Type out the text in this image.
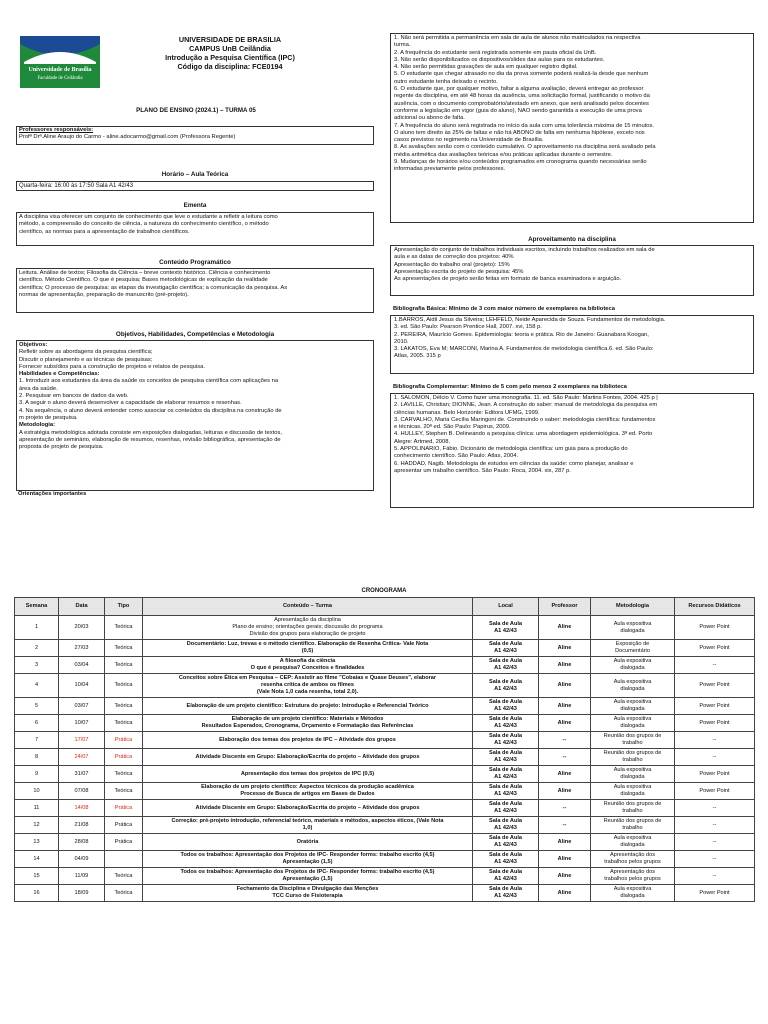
Universidade de Brasília
Faculdade de Ceilândia
UNIVERSIDADE DE BRASILIA
CAMPUS UnB Ceilândia
Introdução a Pesquisa Científica (IPC)
Código da disciplina: FCE0194
PLANO DE ENSINO (2024.1) – TURMA 05
Professores responsáveis:
Profª Drª.Aline Araujo do Carmo - aline.adocarmo@gmail.com (Professora Regente)
Horário – Aula Teórica
Quarta-feira: 16:00 às 17:50 Sala A1 42/43
Ementa
A disciplina visa oferecer um conjunto de conhecimento que leve o estudante a refletir a leitura como
método, a compreensão do conceito de ciência, a natureza do conhecimento científico, o método
científico, as normas para a apresentação de trabalhos científicos.
Conteúdo Programático
Leitura. Análise de textos; Filosofia da Ciência – breve contexto histórico. Ciência e conhecimento
científico. Método Científico. O que é pesquisa; Bases metodológicas de explicação da realidade
científica; O processo de pesquisa: as etapas da investigação científica; a comunicação da pesquisa. As
normas de apresentação, preparação de manuscrito (pré-projeto).
Objetivos, Habilidades, Competências e Metodologia
Objetivos:
Refletir sobre as abordagens da pesquisa científica;
Discutir o planejamento e as técnicas de pesquisas;
Fornecer subsídios para a construção de projetos e relatos de pesquisa.
Habilidades e Competências:
1. Introduzir aos estudantes da área da saúde os conceitos de pesquisa científica com aplicações na
área da saúde.
2. Pesquisar em bancos de dados da web.
3. A seguir o aluno deverá desenvolver a capacidade de elaborar resumos e resenhas.
4. Na sequência, o aluno deverá entender como associar os conteúdos da disciplina na construção de
m projeto de pesquisa.
Metodologia:
A estratégia metodológica adotada consiste em exposições dialogadas, leituras e discussão de textos,
apresentação de seminário, elaboração de resumos, resenhas, revisão bibliográfica, apresentação de
proposta de projeto de pesquisa.
Orientações importantes
1. Não será permitida a permanência em sala de aula de alunos não matriculados na respectiva
turma.
2. A frequência do estudante será registrada somente em pauta oficial da UnB.
3. Não serão disponibilizados os dispositivos/slides das aulas para os estudantes.
4. Não serão permitidas gravações de aula em qualquer registro digital.
5. O estudante que chegar atrasado no dia da prova somente poderá realizá-la desde que nenhum
outro estudante tenha deixado o recinto.
6. O estudante que, por qualquer motivo, faltar a alguma avaliação, deverá entregar ao professor
regente da disciplina, em até 48 horas da ausência, uma solicitação formal, justificando o motivo da
ausência, com o documento comprobatório/atestado em anexo, que será analisado pelos docentes
conforme a legislação em vigor (guia do aluno), NÃO sendo garantida a execução de uma prova
adicional ou abono de falta.
7. A frequência do aluno será registrada no início da aula com uma tolerância máxima de 15 minutos.
O aluno tem direito às 25% de faltas e não há ABONO de falta em nenhuma hipótese, exceto nos
casos previstos no regimento na Universidade de Brasília.
8. As avaliações serão com o conteúdo cumulativo. O aproveitamento na disciplina será avaliado pela
média aritmética das avaliações teóricas e/ou práticas aplicadas durante o semestre.
9. Mudanças de horários e/ou conteúdos programados em cronograma quando necessárias serão
informadas previamente pelos professores.
Aproveitamento na disciplina
Apresentação do conjunto de trabalhos individuais escritos, incluindo trabalhos realizados em sala de
aula e as datas de correção dos projetos: 40%
Apresentação do trabalho oral (projeto): 15%
Apresentação escrita do projeto de pesquisa: 45%
As apresentações de projeto serão feitas em formato de banca examinadora e arguição.
Bibliografia Básica: Mínimo de 3 com maior número de exemplares na biblioteca
1.BARROS, Aidil Jesus da Silveira; LEHFELD, Neide Aparecida de Souza. Fundamentos de metodologia.
3. ed. São Paulo: Pearson Prentice Hall, 2007. xvi, 158 p.
2. PEREIRA, Maurício Gomes. Epidemiologia: teoria e prática. Rio de Janeiro: Guanabara Koogan,
2010.
3. LAKATOS, Eva M; MARCONI, Marina A. Fundamentos de metodologia científica.6. ed. São Paulo:
Atlas, 2005. 315 p
Bibliografia Complementar: Mínimo de 5 com pelo menos 2 exemplares na biblioteca
1. SALOMON, Délcio V. Como fazer uma monografia. 11. ed. São Paulo: Martins Fontes, 2004. 425 p |
2. LAVILLE, Christian; DIONNE, Jean. A construção do saber: manual de metodologia da pesquisa em
ciências humanas. Belo Horizonte: Editora UFMG, 1999.
3. CARVALHO, Maria Cecília Maringoni de. Construindo o saber: metodologia científica: fundamentos
e técnicas. 20ª ed. São Paulo: Papirus, 2009.
4. HULLEY, Stephen B. Delineando a pesquisa clínica: uma abordagem epidemiológica. 3ª ed. Porto
Alegre: Artmed, 2008.
5. APPOLINÁRIO, Fábio. Dicionário de metodologia científica: um guia para a produção do
conhecimento científico. São Paulo: Atlas, 2004.
6. HADDAD, Nagib. Metodologia de estudos em ciências da saúde: como planejar, analisar e
apresentar um trabalho científico. São Paulo: Roca, 2004. xix, 287 p.
CRONOGRAMA
Semana	Data	Tipo	Conteúdo – Turma	Local	Professor	Metodologia	Recursos Didáticos
1	20/03	Teórica	Apresentação da disciplina
Plano de ensino; orientações gerais; discussão do programa
Divisão dos grupos para elaboração de projeto	Sala de Aula
A1 42/43	Aline	Aula expositiva
dialogada	Power Point
2	27/03	Teórica	Documentário: Luz, trevas e o método científico. Elaboração de Resenha Crítica- Vale Nota
(0,5)	Sala de Aula
A1 42/43	Aline	Exposição de
Documentário	Power Point
3	03/04	Teórica	A filosofia da ciência
O que é pesquisa? Conceitos e finalidades	Sala de Aula
A1 42/43	Aline	Aula expositiva
dialogada	--
4	10/04	Teórica	Conceitos sobre Ética em Pesquisa – CEP: Assistir ao filme "Cobaias e Quase Deuses", elaborar
resenha crítica de ambos os filmes
(Vale Nota 1,0 cada resenha, total 2,0).	Sala de Aula
A1 42/43	Aline	Aula expositiva
dialogada	Power Point
5	03/07	Teórica	Elaboração de um projeto científico: Estrutura do projeto: Introdução e Referencial Teórico	Sala de Aula
A1 42/43	Aline	Aula expositiva
dialogada	Power Point
6	10/07	Teórica	Elaboração de um projeto científico: Materiais e Métodos
Resultados Esperados, Cronograma, Orçamento e Formatação das Referências	Sala de Aula
A1 42/43	Aline	Aula expositiva
dialogada	Power Point
7	17/07	Prática	Elaboração dos temas dos projetos de IPC – Atividade dos grupos	Sala de Aula
A1 42/43	--	Reunião dos grupos de
trabalho	--
8	24/07	Prática	Atividade Discente em Grupo: Elaboração/Escrita do projeto – Atividade dos grupos	Sala de Aula
A1 42/43	--	Reunião dos grupos de
trabalho	--
9	31/07	Teórica	Apresentação dos temas dos projetos de IPC (0,5)	Sala de Aula
A1 42/43	Aline	Aula expositiva
dialogada	Power Point
10	07/08	Teórica	Elaboração de um projeto científico: Aspectos técnicos da produção acadêmica
Processo de Busca de artigos em Bases de Dados	Sala de Aula
A1 42/43	Aline	Aula expositiva
dialogada	Power Point
11	14/08	Prática	Atividade Discente em Grupo: Elaboração/Escrita do projeto – Atividade dos grupos	Sala de Aula
A1 42/43	--	Reunião dos grupos de
trabalho	--
12	21/08	Prática	Correção: pré-projeto introdução, referencial teórico, materiais e métodos, aspectos éticos, (Vale Nota
1,0)	Sala de Aula
A1 42/43	--	Reunião dos grupos de
trabalho	--
13	28/08	Prática	Oratória	Sala de Aula
A1 42/43	Aline	Aula expositiva
dialogada	--
14	04/09		Todos os trabalhos: Apresentação dos Projetos de IPC- Responder forms: trabalho escrito (4,5)
Apresentação (1,5)	Sala de Aula
A1 42/43	Aline	Apresentação dos
trabalhos pelos grupos	--
15	11/09	Teórica	Todos os trabalhos: Apresentação dos Projetos de IPC- Responder forms: trabalho escrito (4,5)
Apresentação (1,5)	Sala de Aula
A1 42/43	Aline	Apresentação dos
trabalhos pelos grupos	--
16	18/09	Teórica	Fechamento da Disciplina e Divulgação das Menções
TCC Curso de Fisioterapia	Sala de Aula
A1 42/43	Aline	Aula expositiva
dialogada	Power Point
